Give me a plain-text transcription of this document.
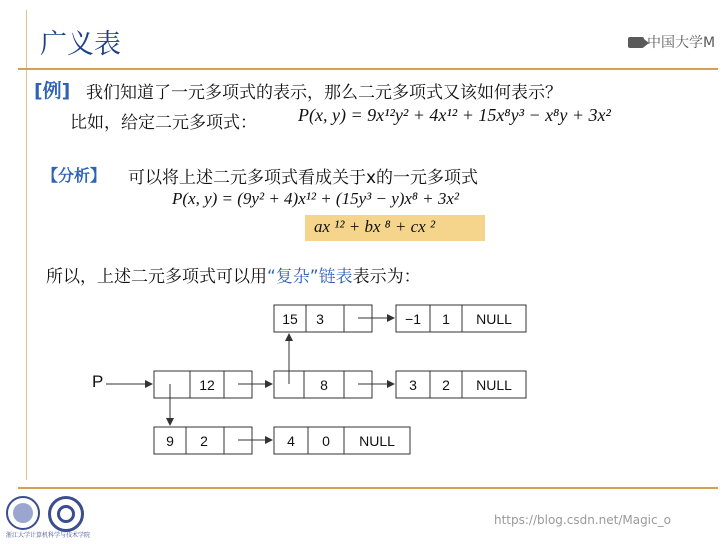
广义表	中国大学M
[例] 我们知道了一元多项式的表示，那么二元多项式又该如何表示？
比如，给定二元多项式： P(x, y) = 9x¹²y² + 4x¹² + 15x⁸y³ − x⁸y + 3x²
【分析】 可以将上述二元多项式看成关于x的一元多项式
P(x, y) = (9y² + 4)x¹² + (15y³ − y)x⁸ + 3x²
ax ¹² + bx ⁸ + cx ²
所以，上述二元多项式可以用“复杂”链表表示为：
P	12	8	3 2 NULL
15 3	−1 1 NULL
9 2	4 0 NULL
浙江大学计算机科学与技术学院
https://blog.csdn.net/Magic_o
